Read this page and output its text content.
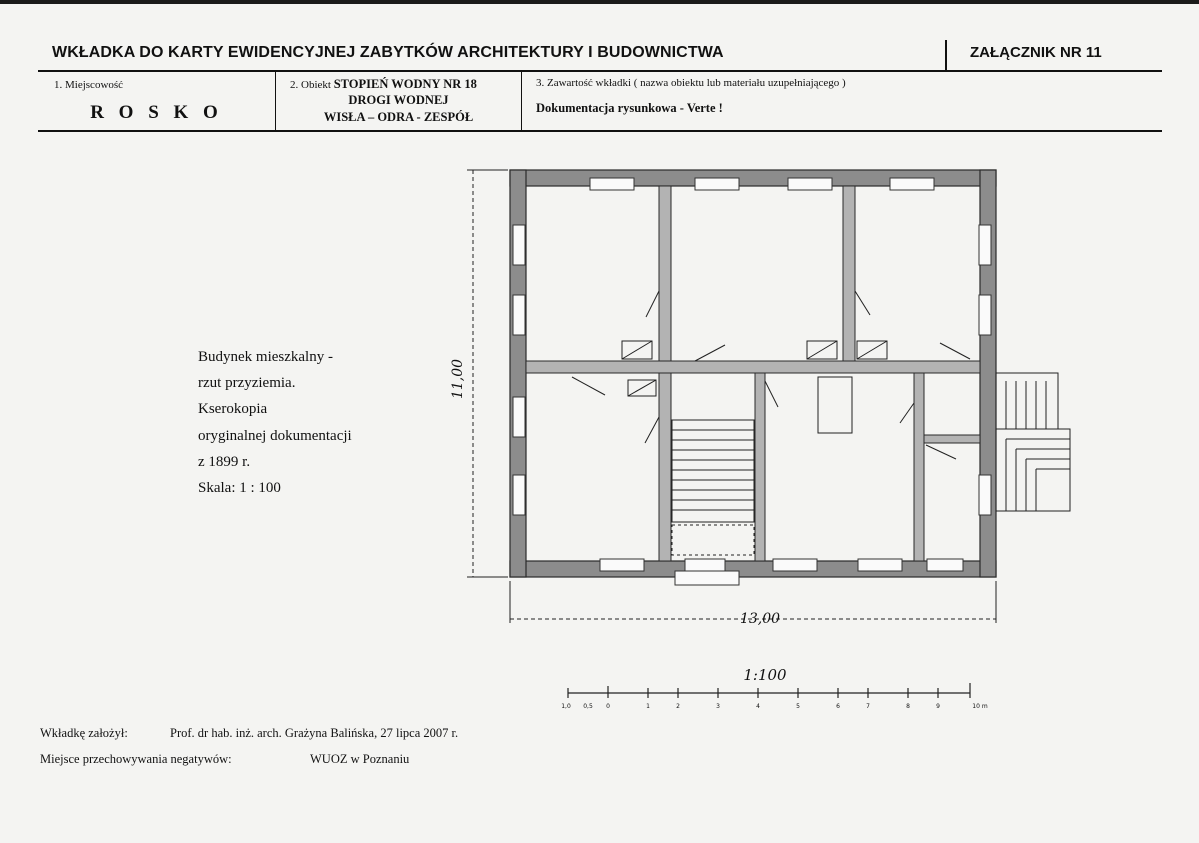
WKŁADKA DO KARTY EWIDENCYJNEJ ZABYTKÓW ARCHITEKTURY I BUDOWNICTWA	ZAŁĄCZNIK NR 11
1. Miejscowość
R O S K O
2. Obiekt STOPIEŃ WODNY NR 18
DROGI WODNEJ
WISŁA – ODRA - ZESPÓŁ
3. Zawartość wkładki ( nazwa obiektu lub materiału uzupełniającego )
Dokumentacja rysunkowa - Verte !
Budynek mieszkalny -
rzut przyziemia.
Kserokopia
oryginalnej dokumentacji
z 1899 r.
Skala: 1 : 100
11,00
13,00
1:100
1,0 0,5 0	1	2	3	4	5	6	7	8	9	10 m
Wkładkę założył:	Prof. dr hab. inż. arch. Grażyna Balińska, 27 lipca 2007 r.
Miejsce przechowywania negatywów:	WUOZ w Poznaniu
